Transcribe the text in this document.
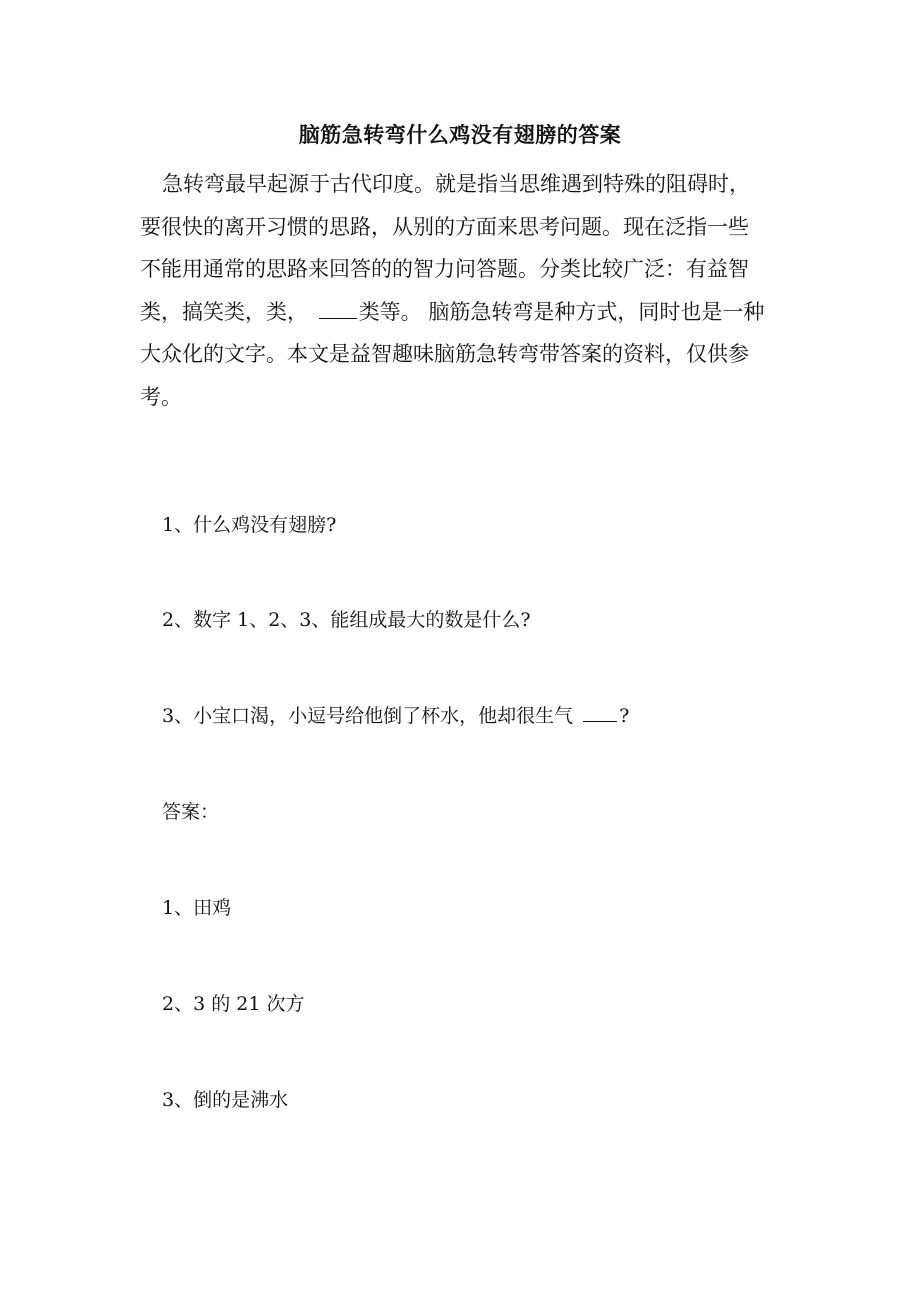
脑筋急转弯什么鸡没有翅膀的答案
急转弯最早起源于古代印度。就是指当思维遇到特殊的阻碍时，
要很快的离开习惯的思路，从别的方面来思考问题。现在泛指一些
不能用通常的思路来回答的的智力问答题。分类比较广泛：有益智
类，搞笑类，类， 类等。 脑筋急转弯是种方式，同时也是一种
大众化的文字。本文是益智趣味脑筋急转弯带答案的资料，仅供参
考。
1、什么鸡没有翅膀?
2、数字 1、2、3、能组成最大的数是什么?
3、小宝口渴，小逗号给他倒了杯水，他却很生气 ?
答案：
1、田鸡
2、3 的 21 次方
3、倒的是沸水
